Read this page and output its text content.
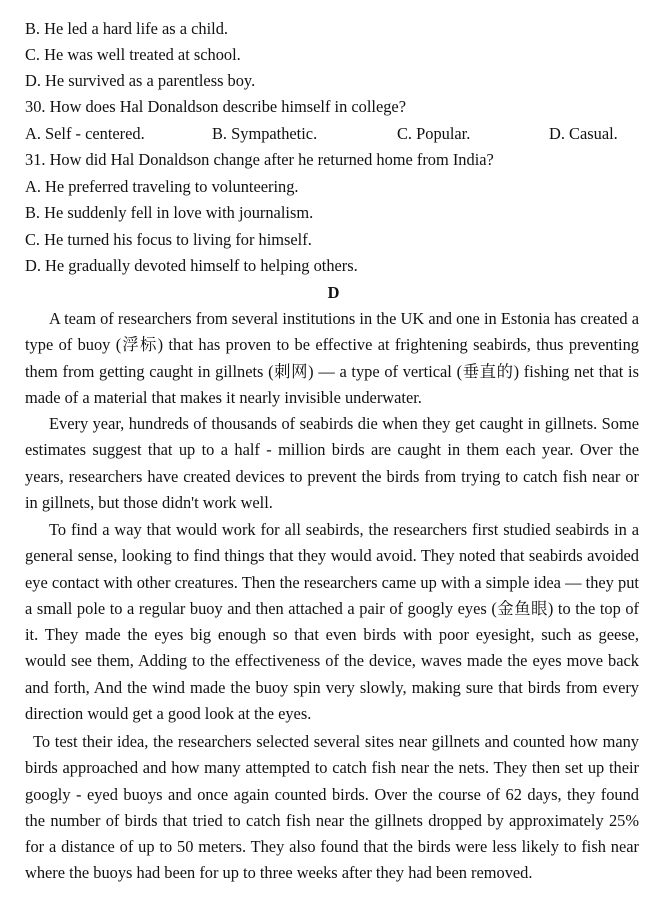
B. He led a hard life as a child.
C. He was well treated at school.
D. He survived as a parentless boy.
30. How does Hal Donaldson describe himself in college?
A. Self - centered.	B. Sympathetic.	C. Popular.	D. Casual.
31. How did Hal Donaldson change after he returned home from India?
A. He preferred traveling to volunteering.
B. He suddenly fell in love with journalism.
C. He turned his focus to living for himself.
D. He gradually devoted himself to helping others.
D
A team of researchers from several institutions in the UK and one in Estonia has created a type of buoy (浮标) that has proven to be effective at frightening seabirds, thus preventing them from getting caught in gillnets (刺网) — a type of vertical (垂直的) fishing net that is made of a material that makes it nearly invisible underwater.
Every year, hundreds of thousands of seabirds die when they get caught in gillnets. Some estimates suggest that up to a half - million birds are caught in them each year. Over the years, researchers have created devices to prevent the birds from trying to catch fish near or in gillnets, but those didn't work well.
To find a way that would work for all seabirds, the researchers first studied seabirds in a general sense, looking to find things that they would avoid. They noted that seabirds avoided eye contact with other creatures. Then the researchers came up with a simple idea — they put a small pole to a regular buoy and then attached a pair of googly eyes (金鱼眼) to the top of it. They made the eyes big enough so that even birds with poor eyesight, such as geese, would see them, Adding to the effectiveness of the device, waves made the eyes move back and forth, And the wind made the buoy spin very slowly, making sure that birds from every direction would get a good look at the eyes.
To test their idea, the researchers selected several sites near gillnets and counted how many birds approached and how many attempted to catch fish near the nets. They then set up their googly - eyed buoys and once again counted birds. Over the course of 62 days, they found the number of birds that tried to catch fish near the gillnets dropped by approximately 25% for a distance of up to 50 meters. They also found that the birds were less likely to fish near where the buoys had been for up to three weeks after they had been removed.
